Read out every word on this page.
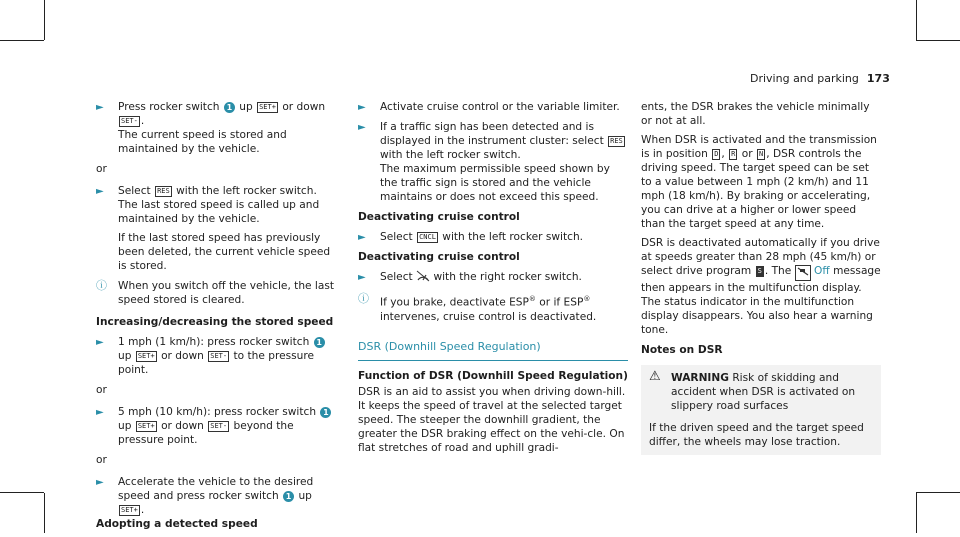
Driving and parking 173
► Press rocker switch 1 up SET+ or down SET- .
The current speed is stored and maintained by the vehicle.
or
► Select RES with the left rocker switch.
The last stored speed is called up and maintained by the vehicle.
If the last stored speed has previously been deleted, the current vehicle speed is stored.
ⓘ When you switch off the vehicle, the last speed stored is cleared.
Increasing/decreasing the stored speed
► 1 mph (1 km/h): press rocker switch 1 up SET+ or down SET- to the pressure point.
or
► 5 mph (10 km/h): press rocker switch 1 up SET+ or down SET- beyond the pressure point.
or
► Accelerate the vehicle to the desired speed and press rocker switch 1 up SET+ .
Adopting a detected speed
► Activate cruise control or the variable limiter.
► If a traffic sign has been detected and is displayed in the instrument cluster: select RES with the left rocker switch.
The maximum permissible speed shown by the traffic sign is stored and the vehicle maintains or does not exceed this speed.
Deactivating cruise control
► Select CNCL with the left rocker switch.
Deactivating cruise control
► Select with the right rocker switch.
ⓘ If you brake, deactivate ESP® or if ESP® intervenes, cruise control is deactivated.
DSR (Downhill Speed Regulation)
Function of DSR (Downhill Speed Regulation)
DSR is an aid to assist you when driving down-hill. It keeps the speed of travel at the selected target speed. The steeper the downhill gradient, the greater the DSR braking effect on the vehi-cle. On flat stretches of road and uphill gradi-
ents, the DSR brakes the vehicle minimally or not at all.
When DSR is activated and the transmission is in position D , R or N , DSR controls the driving speed. The target speed can be set to a value between 1 mph (2 km/h) and 11 mph (18 km/h). By braking or accelerating, you can drive at a higher or lower speed than the target speed at any time.
DSR is deactivated automatically if you drive at speeds greater than 28 mph (45 km/h) or select drive program S . The Off message then appears in the multifunction display. The status indicator in the multifunction display disappears. You also hear a warning tone.
Notes on DSR
⚠ WARNING Risk of skidding and accident when DSR is activated on slippery road surfaces
If the driven speed and the target speed differ, the wheels may lose traction.
